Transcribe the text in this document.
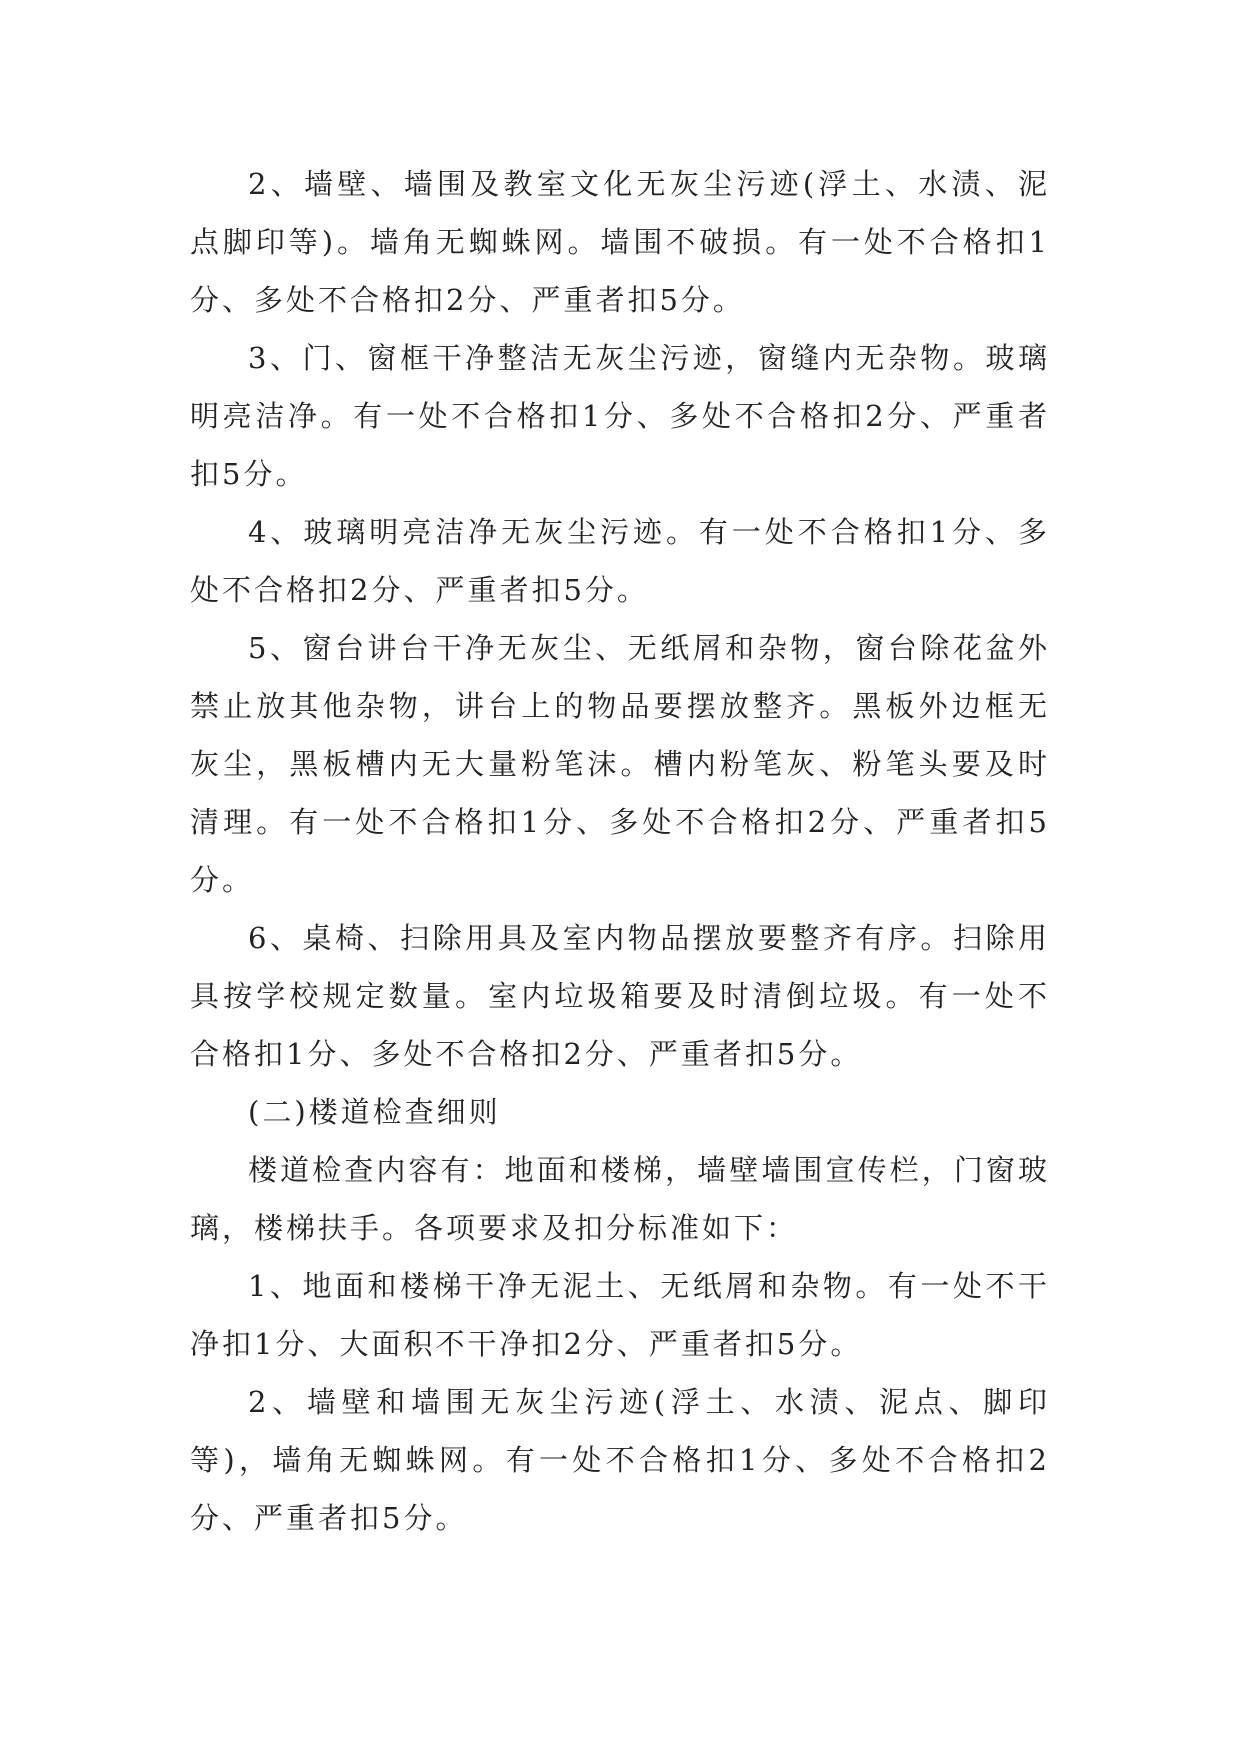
2、墙壁、墙围及教室文化无灰尘污迹(浮土、水渍、泥点脚印等)。墙角无蜘蛛网。墙围不破损。有一处不合格扣1分、多处不合格扣2分、严重者扣5分。

3、门、窗框干净整洁无灰尘污迹，窗缝内无杂物。玻璃明亮洁净。有一处不合格扣1分、多处不合格扣2分、严重者扣5分。

4、玻璃明亮洁净无灰尘污迹。有一处不合格扣1分、多处不合格扣2分、严重者扣5分。

5、窗台讲台干净无灰尘、无纸屑和杂物，窗台除花盆外禁止放其他杂物，讲台上的物品要摆放整齐。黑板外边框无灰尘，黑板槽内无大量粉笔沫。槽内粉笔灰、粉笔头要及时清理。有一处不合格扣1分、多处不合格扣2分、严重者扣5分。

6、桌椅、扫除用具及室内物品摆放要整齐有序。扫除用具按学校规定数量。室内垃圾箱要及时清倒垃圾。有一处不合格扣1分、多处不合格扣2分、严重者扣5分。

(二)楼道检查细则

楼道检查内容有：地面和楼梯，墙壁墙围宣传栏，门窗玻璃，楼梯扶手。各项要求及扣分标准如下：

1、地面和楼梯干净无泥土、无纸屑和杂物。有一处不干净扣1分、大面积不干净扣2分、严重者扣5分。

2、墙壁和墙围无灰尘污迹(浮土、水渍、泥点、脚印等)，墙角无蜘蛛网。有一处不合格扣1分、多处不合格扣2分、严重者扣5分。
